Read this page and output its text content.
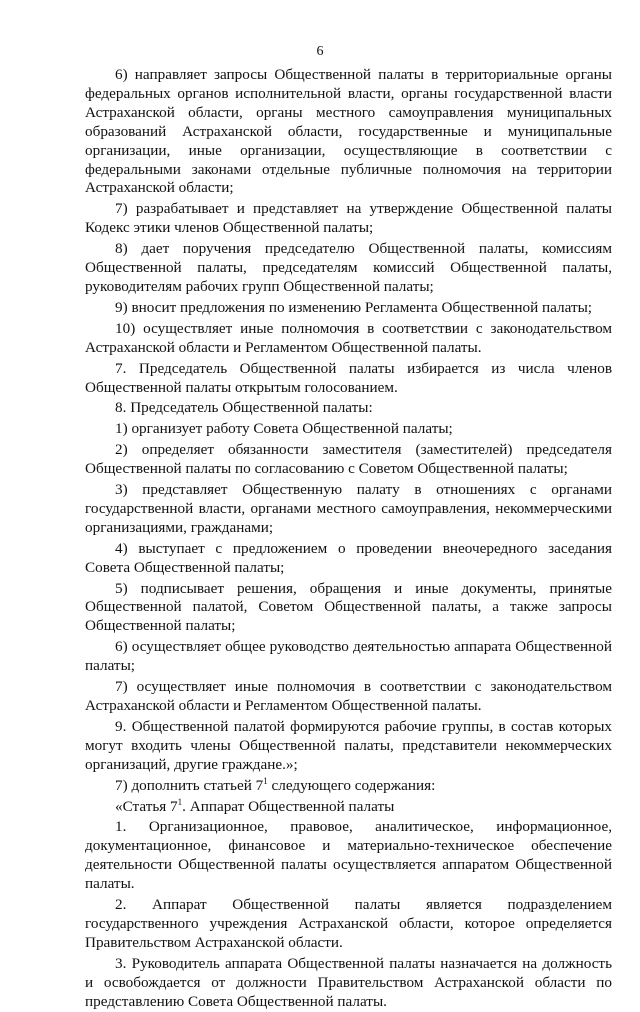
6

6) направляет запросы Общественной палаты в территориальные органы федеральных органов исполнительной власти, органы государственной власти Астраханской области, органы местного самоуправления муниципальных образований Астраханской области, государственные и муниципальные организации, иные организации, осуществляющие в соответствии с федеральными законами отдельные публичные полномочия на территории Астраханской области;

7) разрабатывает и представляет на утверждение Общественной палаты Кодекс этики членов Общественной палаты;

8) дает поручения председателю Общественной палаты, комиссиям Общественной палаты, председателям комиссий Общественной палаты, руководителям рабочих групп Общественной палаты;

9) вносит предложения по изменению Регламента Общественной палаты;

10) осуществляет иные полномочия в соответствии с законодательством Астраханской области и Регламентом Общественной палаты.

7. Председатель Общественной палаты избирается из числа членов Общественной палаты открытым голосованием.

8. Председатель Общественной палаты:

1) организует работу Совета Общественной палаты;

2) определяет обязанности заместителя (заместителей) председателя Общественной палаты по согласованию с Советом Общественной палаты;

3) представляет Общественную палату в отношениях с органами государственной власти, органами местного самоуправления, некоммерческими организациями, гражданами;

4) выступает с предложением о проведении внеочередного заседания Совета Общественной палаты;

5) подписывает решения, обращения и иные документы, принятые Общественной палатой, Советом Общественной палаты, а также запросы Общественной палаты;

6) осуществляет общее руководство деятельностью аппарата Общественной палаты;

7) осуществляет иные полномочия в соответствии с законодательством Астраханской области и Регламентом Общественной палаты.

9. Общественной палатой формируются рабочие группы, в состав которых могут входить члены Общественной палаты, представители некоммерческих организаций, другие граждане.»;

7) дополнить статьей $7^1$ следующего содержания:

«Статья $7^1$. Аппарат Общественной палаты

1. Организационное, правовое, аналитическое, информационное, документационное, финансовое и материально-техническое обеспечение деятельности Общественной палаты осуществляется аппаратом Общественной палаты.

2. Аппарат Общественной палаты является подразделением государственного учреждения Астраханской области, которое определяется Правительством Астраханской области.

3. Руководитель аппарата Общественной палаты назначается на должность и освобождается от должности Правительством Астраханской области по представлению Совета Общественной палаты.
